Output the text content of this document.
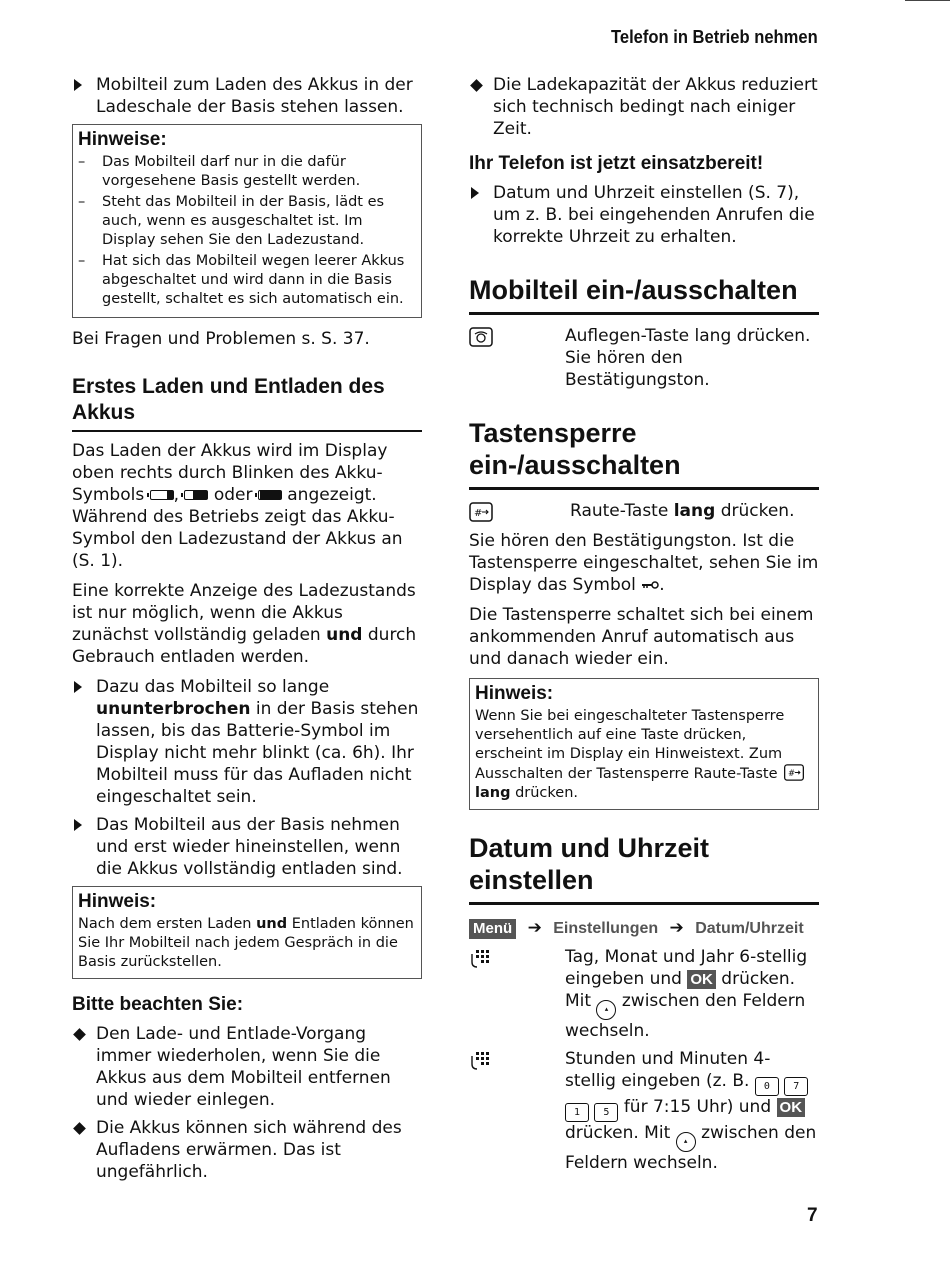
Telefon in Betrieb nehmen
Mobilteil zum Laden des Akkus in der Ladeschale der Basis stehen lassen.
Hinweise:
– Das Mobilteil darf nur in die dafür vorgesehene Basis gestellt werden.
– Steht das Mobilteil in der Basis, lädt es auch, wenn es ausgeschaltet ist. Im Display sehen Sie den Ladezustand.
– Hat sich das Mobilteil wegen leerer Akkus abgeschaltet und wird dann in die Basis gestellt, schaltet es sich automatisch ein.
Bei Fragen und Problemen s. S. 37.
Erstes Laden und Entladen des Akkus
Das Laden der Akkus wird im Display oben rechts durch Blinken des Akku-Symbols , oder angezeigt. Während des Betriebs zeigt das Akku-Symbol den Ladezustand der Akkus an (S. 1).
Eine korrekte Anzeige des Ladezustands ist nur möglich, wenn die Akkus zunächst vollständig geladen und durch Gebrauch entladen werden.
Dazu das Mobilteil so lange ununterbrochen in der Basis stehen lassen, bis das Batterie-Symbol im Display nicht mehr blinkt (ca. 6h). Ihr Mobilteil muss für das Aufladen nicht eingeschaltet sein.
Das Mobilteil aus der Basis nehmen und erst wieder hineinstellen, wenn die Akkus vollständig entladen sind.
Hinweis:
Nach dem ersten Laden und Entladen können Sie Ihr Mobilteil nach jedem Gespräch in die Basis zurückstellen.
Bitte beachten Sie:
Den Lade- und Entlade-Vorgang immer wiederholen, wenn Sie die Akkus aus dem Mobilteil entfernen und wieder einlegen.
Die Akkus können sich während des Aufladens erwärmen. Das ist ungefährlich.
Die Ladekapazität der Akkus reduziert sich technisch bedingt nach einiger Zeit.
Ihr Telefon ist jetzt einsatzbereit!
Datum und Uhrzeit einstellen (S. 7), um z. B. bei eingehenden Anrufen die korrekte Uhrzeit zu erhalten.
Mobilteil ein-/ausschalten
Auflegen-Taste lang drücken. Sie hören den Bestätigungston.
Tastensperre ein-/ausschalten
#	Raute-Taste lang drücken.
Sie hören den Bestätigungston. Ist die Tastensperre eingeschaltet, sehen Sie im Display das Symbol .
Die Tastensperre schaltet sich bei einem ankommenden Anruf automatisch aus und danach wieder ein.
Hinweis:
Wenn Sie bei eingeschalteter Tastensperre versehentlich auf eine Taste drücken, erscheint im Display ein Hinweistext. Zum Ausschalten der Tastensperre Raute-Taste #
lang drücken.
Datum und Uhrzeit einstellen
Menü ➔ Einstellungen ➔ Datum/Uhrzeit
Tag, Monat und Jahr 6-stellig eingeben und OK drücken. Mit ▴ zwischen den Feldern wechseln.
Stunden und Minuten 4-stellig eingeben (z. B. 0 7 1 5 für 7:15 Uhr) und OK drücken. Mit ▴ zwischen den Feldern wechseln.
7
